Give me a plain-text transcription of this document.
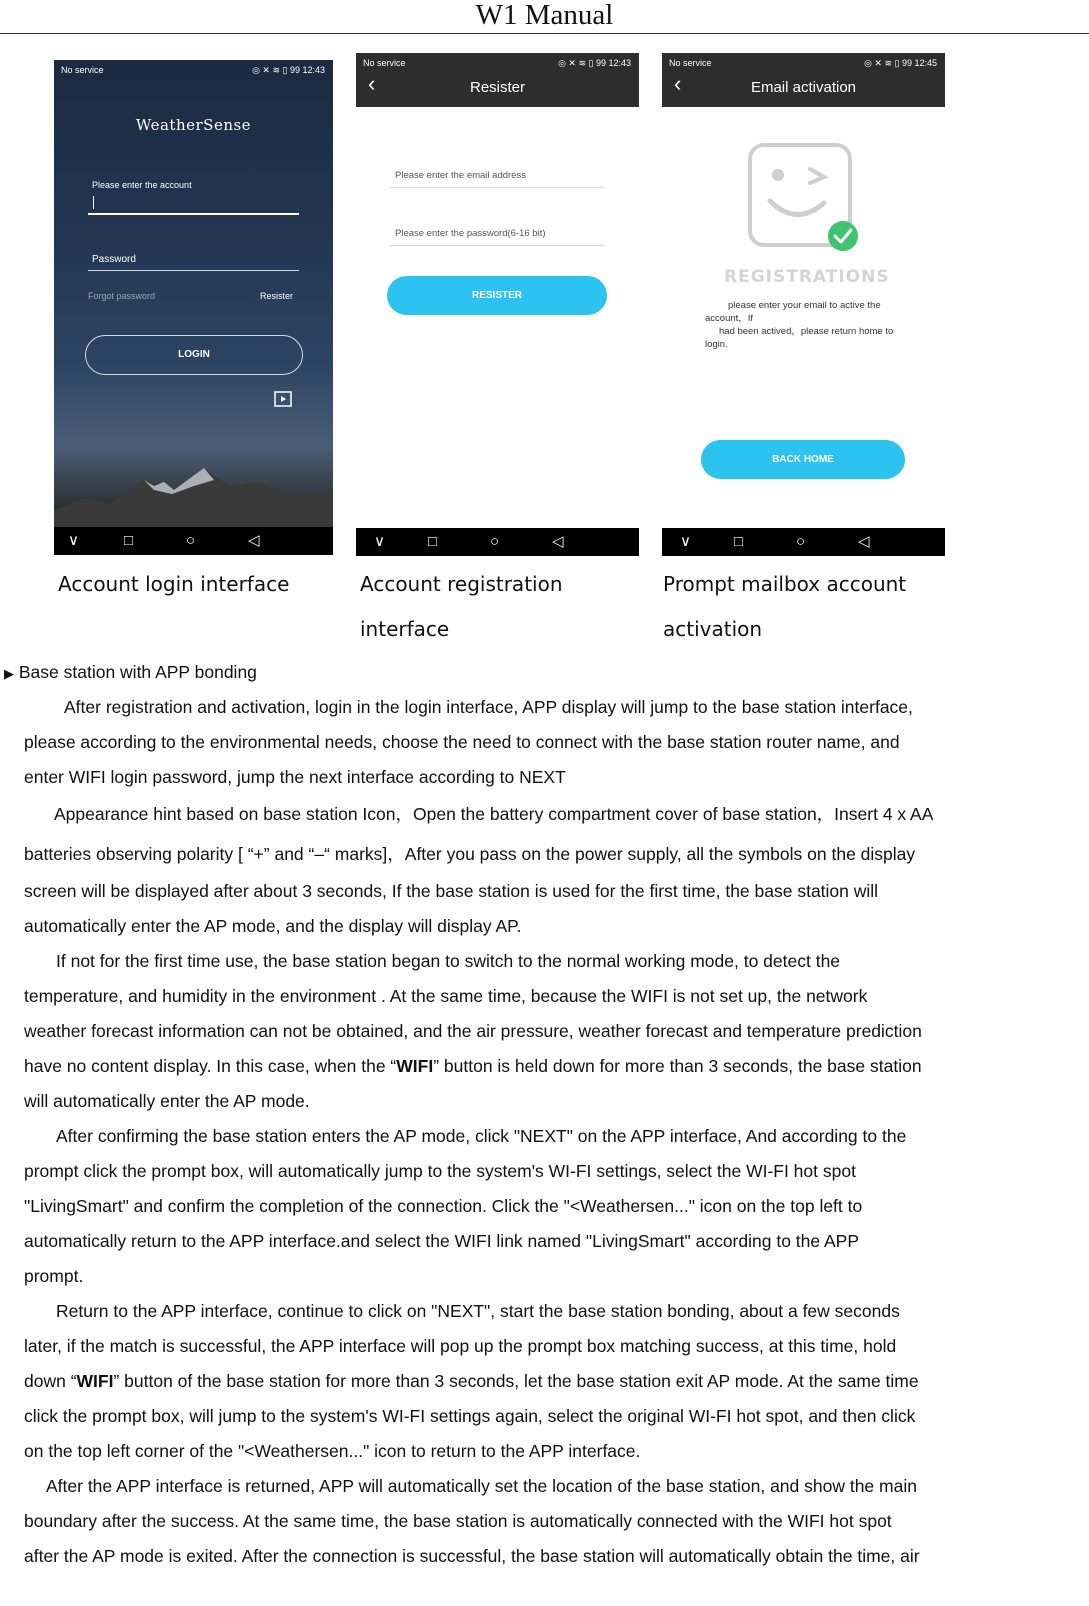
W1 Manual
No service	◎ ✕ ≋ ▯ 99 12:43
WeatherSense
Please enter the account
Password
Forgot password	Resister
LOGIN
∨	□	○	◁
No service	◎ ✕ ≋ ▯ 99 12:43
‹	Resister
Please enter the email address
Please enter the password(6-16 bit)
RESISTER
∨	□	○	◁
No service	◎ ✕ ≋ ▯ 99 12:45
‹	Email activation
REGISTRATIONS
please enter your email to active the
account，If
had been actived，please return home to
login.
BACK HOME
∨	□	○	◁
Account login interface	Account registration
interface
Prompt mailbox account
activation

▶ Base station with APP bonding

After registration and activation, login in the login interface, APP display will jump to the base station interface,

please according to the environmental needs, choose the need to connect with the base station router name, and

enter WIFI login password, jump the next interface according to NEXT

Appearance hint based on base station Icon，Open the battery compartment cover of base station，Insert 4 x AA

batteries observing polarity [ “+” and “–“ marks]，After you pass on the power supply, all the symbols on the display

screen will be displayed after about 3 seconds, If the base station is used for the first time, the base station will

automatically enter the AP mode, and the display will display AP.

If not for the first time use, the base station began to switch to the normal working mode, to detect the

temperature, and humidity in the environment . At the same time, because the WIFI is not set up, the network

weather forecast information can not be obtained, and the air pressure, weather forecast and temperature prediction

have no content display. In this case, when the “WIFI” button is held down for more than 3 seconds, the base station

will automatically enter the AP mode.

After confirming the base station enters the AP mode, click "NEXT" on the APP interface, And according to the

prompt click the prompt box, will automatically jump to the system's WI-FI settings, select the WI-FI hot spot

"LivingSmart" and confirm the completion of the connection. Click the "<Weathersen..." icon on the top left to

automatically return to the APP interface.and select the WIFI link named "LivingSmart" according to the APP

prompt.

Return to the APP interface, continue to click on "NEXT", start the base station bonding, about a few seconds

later, if the match is successful, the APP interface will pop up the prompt box matching success, at this time, hold

down “WIFI” button of the base station for more than 3 seconds, let the base station exit AP mode. At the same time

click the prompt box, will jump to the system's WI-FI settings again, select the original WI-FI hot spot, and then click

on the top left corner of the "<Weathersen..." icon to return to the APP interface.

After the APP interface is returned, APP will automatically set the location of the base station, and show the main

boundary after the success. At the same time, the base station is automatically connected with the WIFI hot spot

after the AP mode is exited. After the connection is successful, the base station will automatically obtain the time, air
